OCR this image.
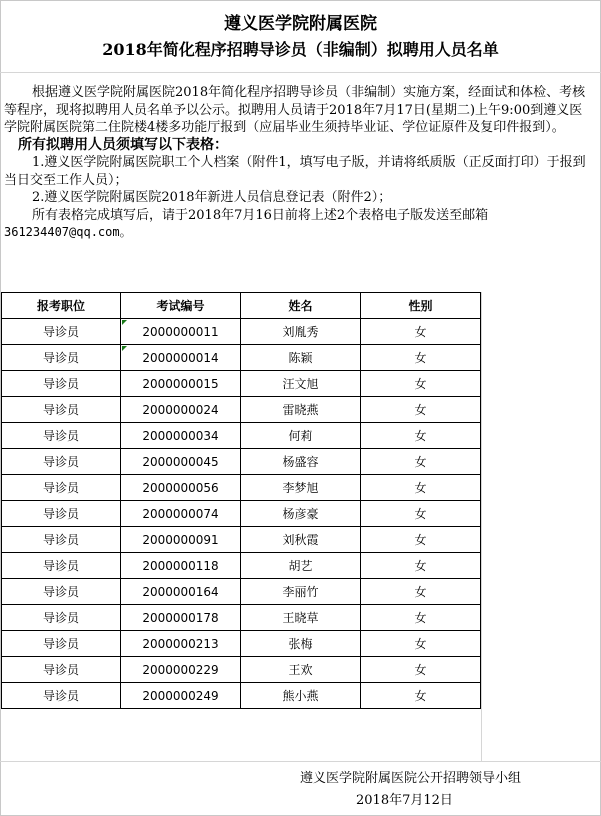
遵义医学院附属医院
2018年简化程序招聘导诊员（非编制）拟聘用人员名单

根据遵义医学院附属医院2018年简化程序招聘导诊员（非编制）实施方案，经面试和体检、考核等程序，现将拟聘用人员名单予以公示。拟聘用人员请于2018年7月17日(星期二)上午9:00到遵义医学院附属医院第二住院楼4楼多功能厅报到（应届毕业生须持毕业证、学位证原件及复印件报到）。

所有拟聘用人员须填写以下表格：

1.遵义医学院附属医院职工个人档案（附件1，填写电子版，并请将纸质版（正反面打印）于报到当日交至工作人员）；

2.遵义医学院附属医院2018年新进人员信息登记表（附件2）；

所有表格完成填写后，请于2018年7月16日前将上述2个表格电子版发送至邮箱

361234407@qq.com。

报考职位	考试编号	姓名	性别
导诊员	2000000011	刘胤秀	女
导诊员	2000000014	陈颖	女
导诊员	2000000015	汪文旭	女
导诊员	2000000024	雷晓燕	女
导诊员	2000000034	何莉	女
导诊员	2000000045	杨盛容	女
导诊员	2000000056	李梦旭	女
导诊员	2000000074	杨彦豪	女
导诊员	2000000091	刘秋霞	女
导诊员	2000000118	胡艺	女
导诊员	2000000164	李丽竹	女
导诊员	2000000178	王晓草	女
导诊员	2000000213	张梅	女
导诊员	2000000229	王欢	女
导诊员	2000000249	熊小燕	女
遵义医学院附属医院公开招聘领导小组
2018年7月12日
